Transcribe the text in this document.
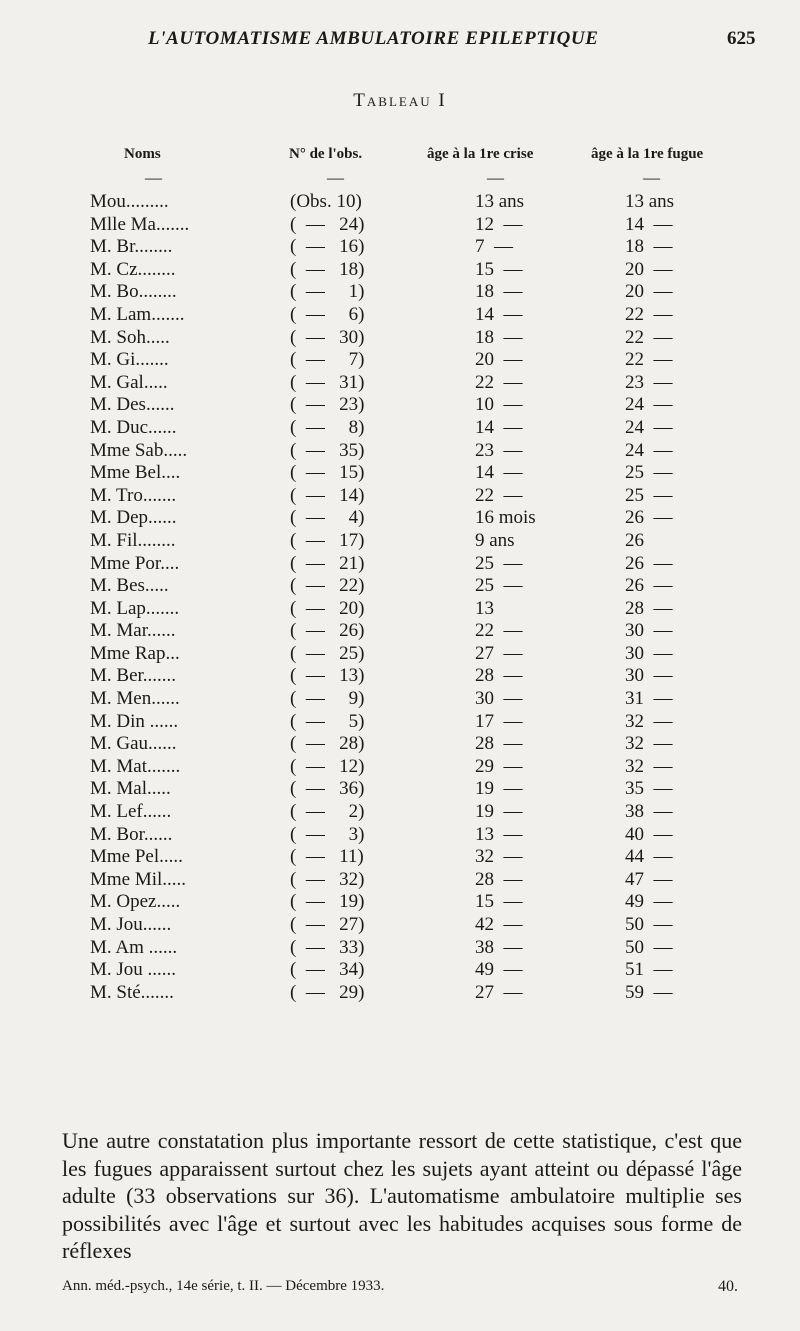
L'AUTOMATISME AMBULATOIRE EPILEPTIQUE	625
Tableau I
Noms	N° de l'obs.	âge à la 1re crise	âge à la 1re fugue
—	—	—	—
Mou.........	(Obs. 10)	13 ans	13 ans
Mlle Ma.......	(  —   24)	12  —	14  —
M. Br........	(  —   16)	7  —	18  —
M. Cz........	(  —   18)	15  —	20  —
M. Bo........	(  —     1)	18  —	20  —
M. Lam.......	(  —     6)	14  —	22  —
M. Soh.....	(  —   30)	18  —	22  —
M. Gi.......	(  —     7)	20  —	22  —
M. Gal.....	(  —   31)	22  —	23  —
M. Des......	(  —   23)	10  —	24  —
M. Duc......	(  —     8)	14  —	24  —
Mme Sab.....	(  —   35)	23  —	24  —
Mme Bel....	(  —   15)	14  —	25  —
M. Tro.......	(  —   14)	22  —	25  —
M. Dep......	(  —     4)	16 mois	26  —
M. Fil........	(  —   17)	9 ans	26
Mme Por....	(  —   21)	25  —	26  —
M. Bes.....	(  —   22)	25  —	26  —
M. Lap.......	(  —   20)	13	28  —
M. Mar......	(  —   26)	22  —	30  —
Mme Rap...	(  —   25)	27  —	30  —
M. Ber.......	(  —   13)	28  —	30  —
M. Men......	(  —     9)	30  —	31  —
M. Din ......	(  —     5)	17  —	32  —
M. Gau......	(  —   28)	28  —	32  —
M. Mat.......	(  —   12)	29  —	32  —
M. Mal.....	(  —   36)	19  —	35  —
M. Lef......	(  —     2)	19  —	38  —
M. Bor......	(  —     3)	13  —	40  —
Mme Pel.....	(  —   11)	32  —	44  —
Mme Mil.....	(  —   32)	28  —	47  —
M. Opez.....	(  —   19)	15  —	49  —
M. Jou......	(  —   27)	42  —	50  —
M. Am ......	(  —   33)	38  —	50  —
M. Jou ......	(  —   34)	49  —	51  —
M. Sté.......	(  —   29)	27  —	59  —
Une autre constatation plus importante ressort de cette statistique, c'est que les fugues apparaissent surtout chez les sujets ayant atteint ou dépassé l'âge adulte (33 observations sur 36). L'automatisme ambulatoire multiplie ses possibilités avec l'âge et surtout avec les habitudes acquises sous forme de réflexes
Ann. méd.-psych., 14e série, t. II. — Décembre 1933.	40.
